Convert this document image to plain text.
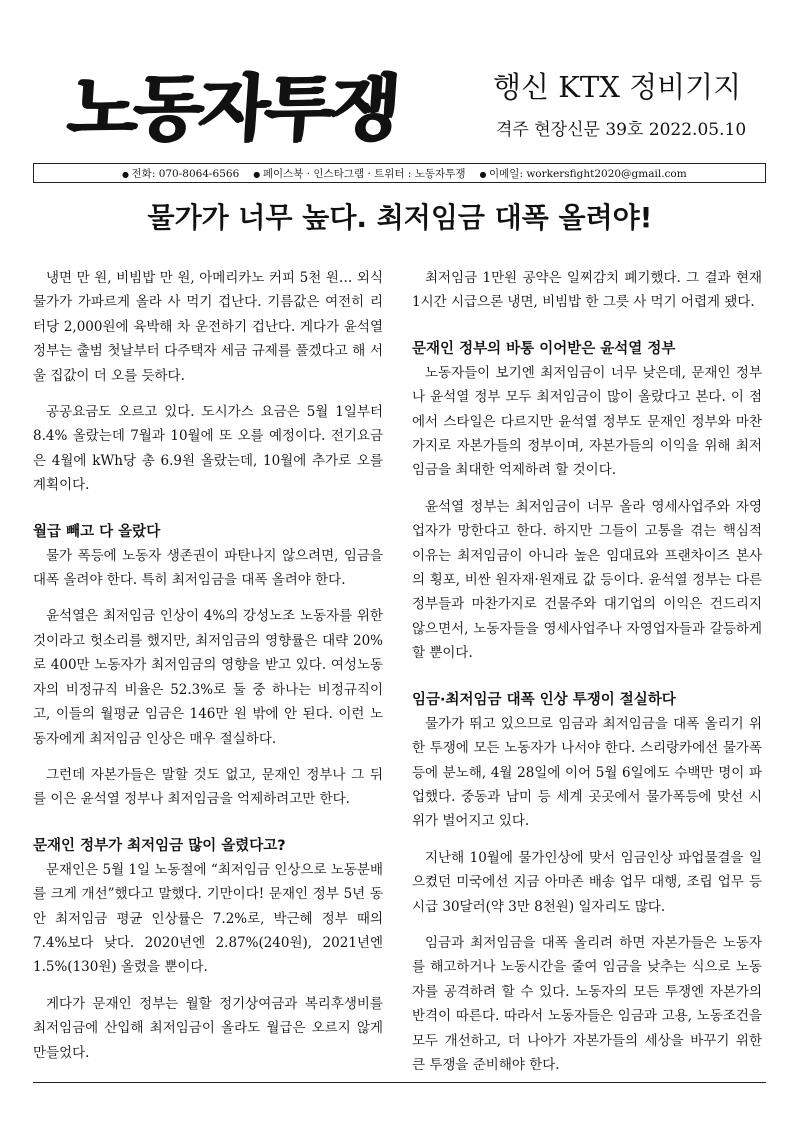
노동자투쟁	행신 KTX 정비기지
격주 현장신문 39호 2022.05.10
● 전화: 070-8064-6566	● 페이스북 · 인스타그램 · 트위터 : 노동자투쟁	● 이메일: workersfight2020@gmail.com
물가가 너무 높다. 최저임금 대폭 올려야!

냉면 만 원, 비빔밥 만 원, 아메리카노 커피 5천 원… 외식 물가가 가파르게 올라 사 먹기 겁난다. 기름값은 여전히 리터당 2,000원에 육박해 차 운전하기 겁난다. 게다가 윤석열 정부는 출범 첫날부터 다주택자 세금 규제를 풀겠다고 해 서울 집값이 더 오를 듯하다.

공공요금도 오르고 있다. 도시가스 요금은 5월 1일부터 8.4% 올랐는데 7월과 10월에 또 오를 예정이다. 전기요금은 4월에 kWh당 총 6.9원 올랐는데, 10월에 추가로 오를 계획이다.

월급 빼고 다 올랐다

물가 폭등에 노동자 생존권이 파탄나지 않으려면, 임금을 대폭 올려야 한다. 특히 최저임금을 대폭 올려야 한다.

윤석열은 최저임금 인상이 4%의 강성노조 노동자를 위한 것이라고 헛소리를 했지만, 최저임금의 영향률은 대략 20%로 400만 노동자가 최저임금의 영향을 받고 있다. 여성노동자의 비정규직 비율은 52.3%로 둘 중 하나는 비정규직이고, 이들의 월평균 임금은 146만 원 밖에 안 된다. 이런 노동자에게 최저임금 인상은 매우 절실하다.

그런데 자본가들은 말할 것도 없고, 문재인 정부나 그 뒤를 이은 윤석열 정부나 최저임금을 억제하려고만 한다.

문재인 정부가 최저임금 많이 올렸다고?

문재인은 5월 1일 노동절에 “최저임금 인상으로 노동분배를 크게 개선”했다고 말했다. 기만이다! 문재인 정부 5년 동안 최저임금 평균 인상률은 7.2%로, 박근혜 정부 때의 7.4%보다 낮다. 2020년엔 2.87%(240원), 2021년엔 1.5%(130원) 올렸을 뿐이다.

게다가 문재인 정부는 월할 정기상여금과 복리후생비를 최저임금에 산입해 최저임금이 올라도 월급은 오르지 않게 만들었다.

최저임금 1만원 공약은 일찌감치 폐기했다. 그 결과 현재 1시간 시급으론 냉면, 비빔밥 한 그릇 사 먹기 어렵게 됐다.

문재인 정부의 바통 이어받은 윤석열 정부

노동자들이 보기엔 최저임금이 너무 낮은데, 문재인 정부나 윤석열 정부 모두 최저임금이 많이 올랐다고 본다. 이 점에서 스타일은 다르지만 윤석열 정부도 문재인 정부와 마찬가지로 자본가들의 정부이며, 자본가들의 이익을 위해 최저임금을 최대한 억제하려 할 것이다.

윤석열 정부는 최저임금이 너무 올라 영세사업주와 자영업자가 망한다고 한다. 하지만 그들이 고통을 겪는 핵심적 이유는 최저임금이 아니라 높은 임대료와 프랜차이즈 본사의 횡포, 비싼 원자재·원재료 값 등이다. 윤석열 정부는 다른 정부들과 마찬가지로 건물주와 대기업의 이익은 건드리지 않으면서, 노동자들을 영세사업주나 자영업자들과 갈등하게 할 뿐이다.

임금·최저임금 대폭 인상 투쟁이 절실하다

물가가 뛰고 있으므로 임금과 최저임금을 대폭 올리기 위한 투쟁에 모든 노동자가 나서야 한다. 스리랑카에선 물가폭등에 분노해, 4월 28일에 이어 5월 6일에도 수백만 명이 파업했다. 중동과 남미 등 세계 곳곳에서 물가폭등에 맞선 시위가 벌어지고 있다.

지난해 10월에 물가인상에 맞서 임금인상 파업물결을 일으켰던 미국에선 지금 아마존 배송 업무 대행, 조립 업무 등 시급 30달러(약 3만 8천원) 일자리도 많다.

임금과 최저임금을 대폭 올리려 하면 자본가들은 노동자를 해고하거나 노동시간을 줄여 임금을 낮추는 식으로 노동자를 공격하려 할 수 있다. 노동자의 모든 투쟁엔 자본가의 반격이 따른다. 따라서 노동자들은 임금과 고용, 노동조건을 모두 개선하고, 더 나아가 자본가들의 세상을 바꾸기 위한 큰 투쟁을 준비해야 한다.
